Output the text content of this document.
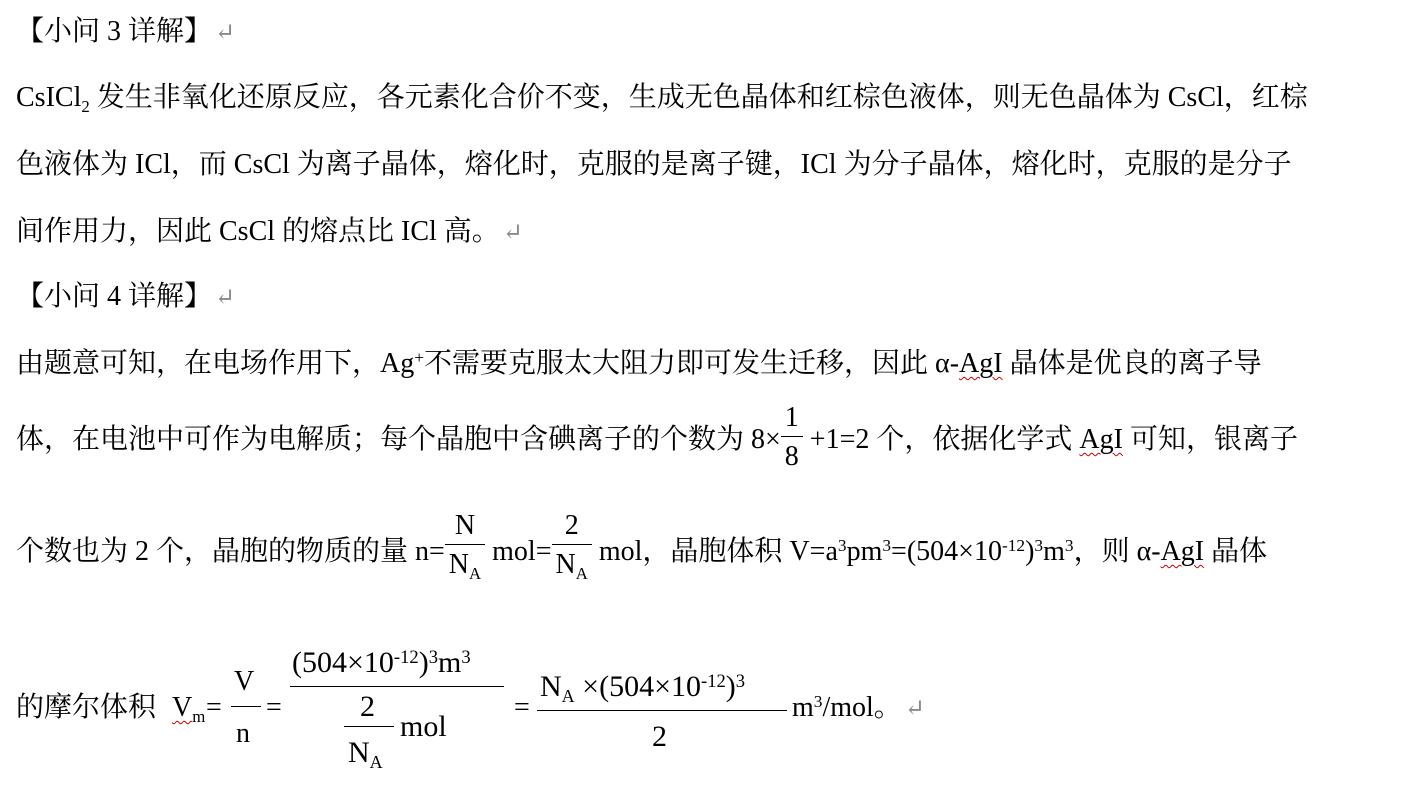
【小问 3 详解】 ↵
CsICl$_2$ 发生非氧化还原反应，各元素化合价不变，生成无色晶体和红棕色液体，则无色晶体为 CsCl，红棕
色液体为 ICl，而 CsCl 为离子晶体，熔化时，克服的是离子键，ICl 为分子晶体，熔化时，克服的是分子
间作用力，因此 CsCl 的熔点比 ICl 高。 ↵
【小问 4 详解】 ↵
由题意可知，在电场作用下，Ag+不需要克服太大阻力即可发生迁移，因此 α-AgI 晶体是优良的离子导
体，在电池中可作为电解质；每个晶胞中含碘离子的个数为 $8\times \frac{1}{8} +1=2$ 个，依据化学式 AgI 可知，银离子
个数也为 2 个，晶胞的物质的量 $n= \frac{N}{N_A} mol= \frac{2}{N_A}$ mol，晶胞体积 $V=a^3pm^3=(504\times 10^{-12})^3m^3$，则 α-AgI 晶体
的摩尔体积 $V_m$ =
V
n
=
$(504\times 10^{-12})^3m^3$
2
$N_A$
mol
=
$N_A \times(504\times 10^{-12})^3$
2
$m^3$/mol。 ↵
